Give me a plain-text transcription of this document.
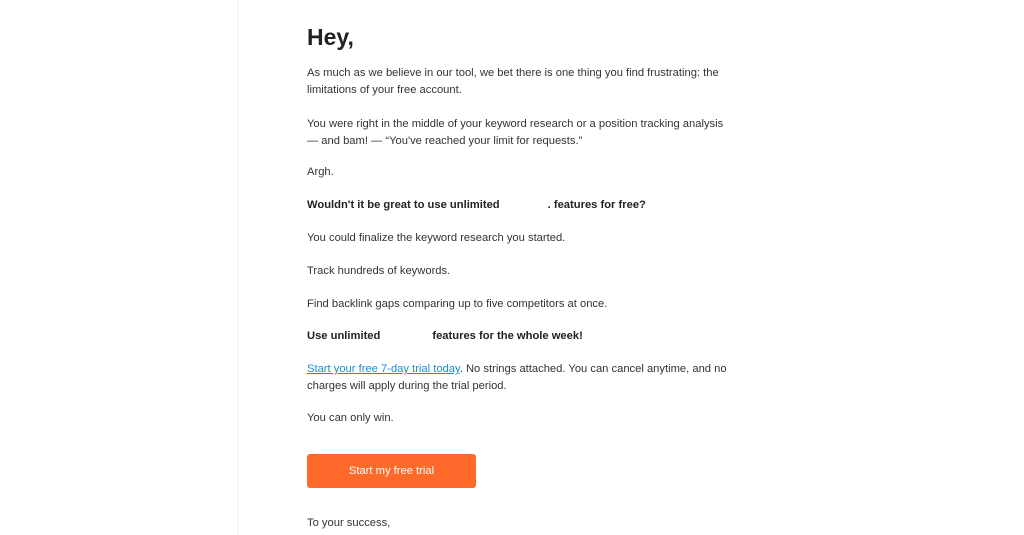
Hey,

As much as we believe in our tool, we bet there is one thing you find frustrating: the limitations of your free account.

You were right in the middle of your keyword research or a position tracking analysis — and bam! — “You've reached your limit for requests.”

Argh.

Wouldn't it be great to use unlimited	. features for free?

You could finalize the keyword research you started.

Track hundreds of keywords.

Find backlink gaps comparing up to five competitors at once.

Use unlimited	features for the whole week!

Start your free 7-day trial today. No strings attached. You can cancel anytime, and no charges will apply during the trial period.

You can only win.

Start my free trial

To your success,
